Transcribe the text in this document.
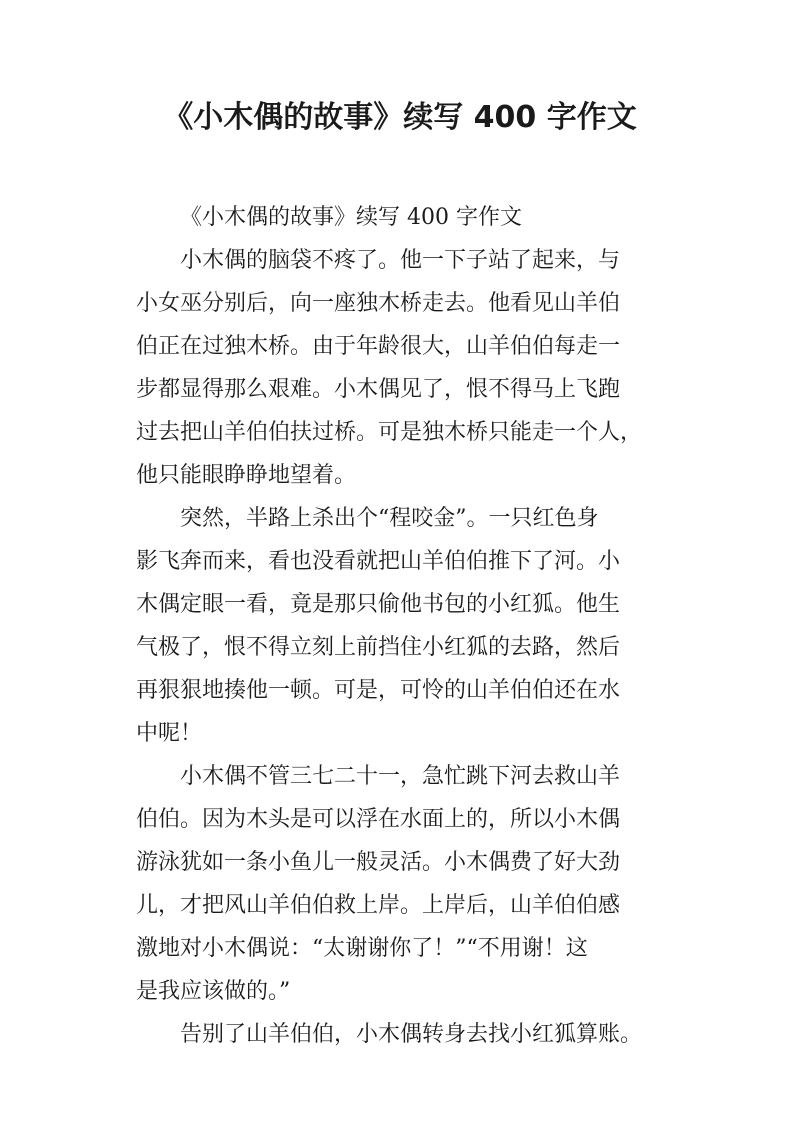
《小木偶的故事》续写 400 字作文
《小木偶的故事》续写 400 字作文
小木偶的脑袋不疼了。他一下子站了起来，与
小女巫分别后，向一座独木桥走去。他看见山羊伯
伯正在过独木桥。由于年龄很大，山羊伯伯每走一
步都显得那么艰难。小木偶见了，恨不得马上飞跑
过去把山羊伯伯扶过桥。可是独木桥只能走一个人，
他只能眼睁睁地望着。
突然，半路上杀出个“程咬金”。一只红色身
影飞奔而来，看也没看就把山羊伯伯推下了河。小
木偶定眼一看，竟是那只偷他书包的小红狐。他生
气极了，恨不得立刻上前挡住小红狐的去路，然后
再狠狠地揍他一顿。可是，可怜的山羊伯伯还在水
中呢！
小木偶不管三七二十一，急忙跳下河去救山羊
伯伯。因为木头是可以浮在水面上的，所以小木偶
游泳犹如一条小鱼儿一般灵活。小木偶费了好大劲
儿，才把风山羊伯伯救上岸。上岸后，山羊伯伯感
激地对小木偶说：“太谢谢你了！”“不用谢！这
是我应该做的。”
告别了山羊伯伯，小木偶转身去找小红狐算账。
